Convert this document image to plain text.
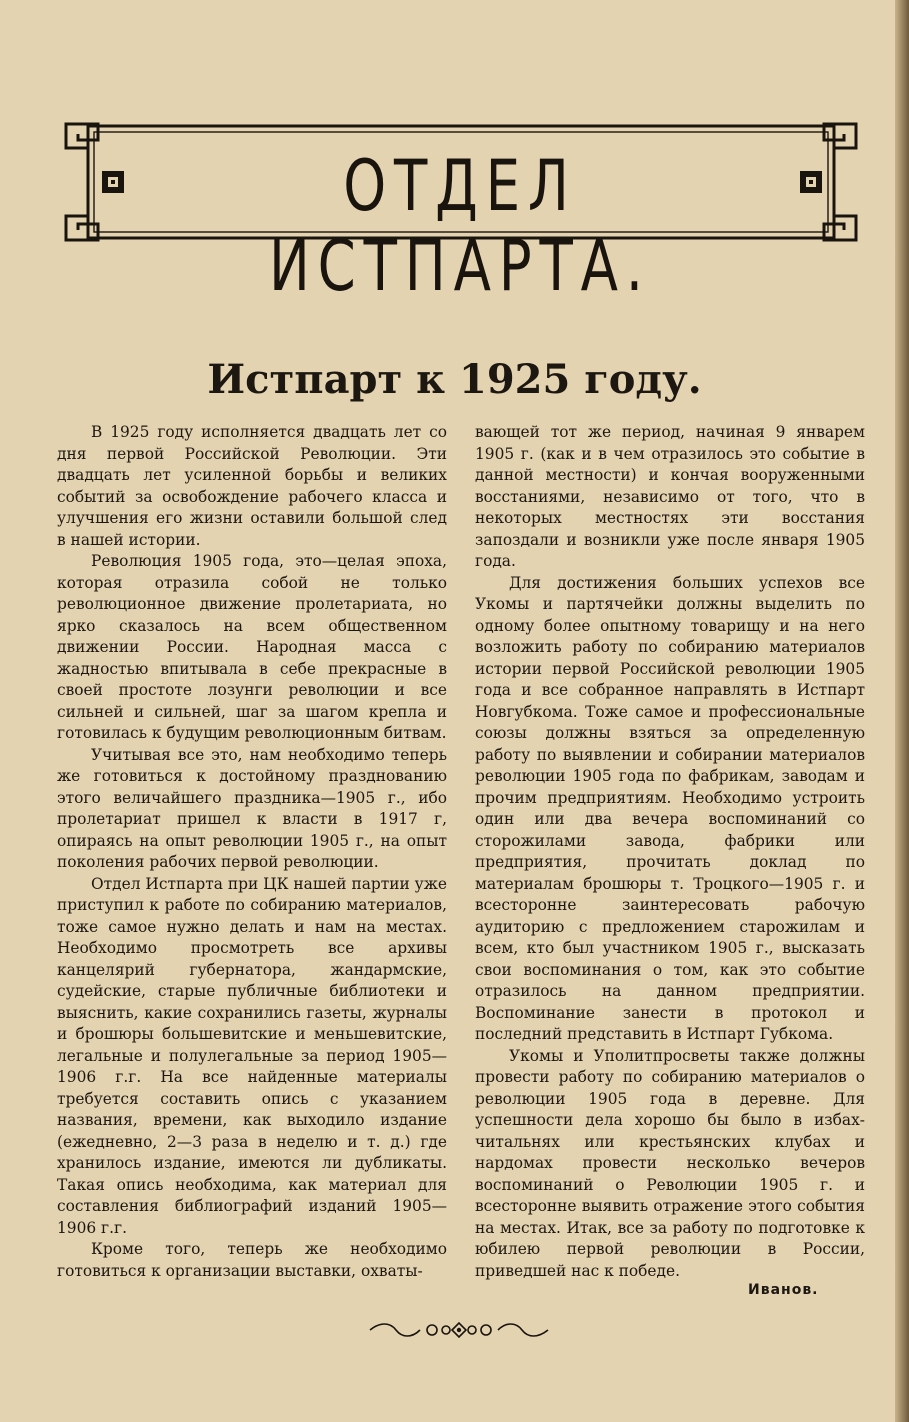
ОТДЕЛ ИСТПАРТА.
Истпарт к 1925 году.

В 1925 году исполняется двадцать лет со дня первой Российской Революции. Эти двадцать лет усиленной борьбы и великих событий за освобождение рабочего класса и улучшения его жизни оставили большой след в нашей истории.

Революция 1905 года, это—целая эпоха, которая отразила собой не только революционное движение пролетариата, но ярко сказалось на всем общественном движении России. Народная масса с жадностью впитывала в себе прекрасные в своей простоте лозунги революции и все сильней и сильней, шаг за шагом крепла и готовилась к будущим революционным битвам.

Учитывая все это, нам необходимо теперь же готовиться к достойному празднованию этого величайшего праздника—1905 г., ибо пролетариат пришел к власти в 1917 г, опираясь на опыт революции 1905 г., на опыт поколения рабочих первой революции.

Отдел Истпарта при ЦК нашей партии уже приступил к работе по собиранию материалов, тоже самое нужно делать и нам на местах. Необходимо просмотреть все архивы канцелярий губернатора, жандармские, судейские, старые публичные библиотеки и выяснить, какие сохранились газеты, журналы и брошюры большевитские и меньшевитские, легальные и полулегальные за период 1905—1906 г.г. На все найденные материалы требуется составить опись с указанием названия, времени, как выходило издание (ежедневно, 2—3 раза в неделю и т. д.) где хранилось издание, имеются ли дубликаты. Такая опись необходима, как материал для составления библиографий изданий 1905—1906 г.г.

Кроме того, теперь же необходимо готовиться к организации выставки, охваты-

вающей тот же период, начиная 9 январем 1905 г. (как и в чем отразилось это событие в данной местности) и кончая вооруженными восстаниями, независимо от того, что в некоторых местностях эти восстания запоздали и возникли уже после января 1905 года.

Для достижения больших успехов все Укомы и партячейки должны выделить по одному более опытному товарищу и на него возложить работу по собиранию материалов истории первой Российской революции 1905 года и все собранное направлять в Истпарт Новгубкома. Тоже самое и профессиональные союзы должны взяться за определенную работу по выявлении и собирании материалов революции 1905 года по фабрикам, заводам и прочим предприятиям. Необходимо устроить один или два вечера воспоминаний со сторожилами завода, фабрики или предприятия, прочитать доклад по материалам брошюры т. Троцкого—1905 г. и всесторонне заинтересовать рабочую аудиторию с предложением старожилам и всем, кто был участником 1905 г., высказать свои воспоминания о том, как это событие отразилось на данном предприятии. Воспоминание занести в протокол и последний представить в Истпарт Губкома.

Укомы и Уполитпросветы также должны провести работу по собиранию материалов о революции 1905 года в деревне. Для успешности дела хорошо бы было в избах-читальнях или крестьянских клубах и нардомах провести несколько вечеров воспоминаний о Революции 1905 г. и всесторонне выявить отражение этого события на местах. Итак, все за работу по подготовке к юбилею первой революции в России, приведшей нас к победе.

Иванов.
